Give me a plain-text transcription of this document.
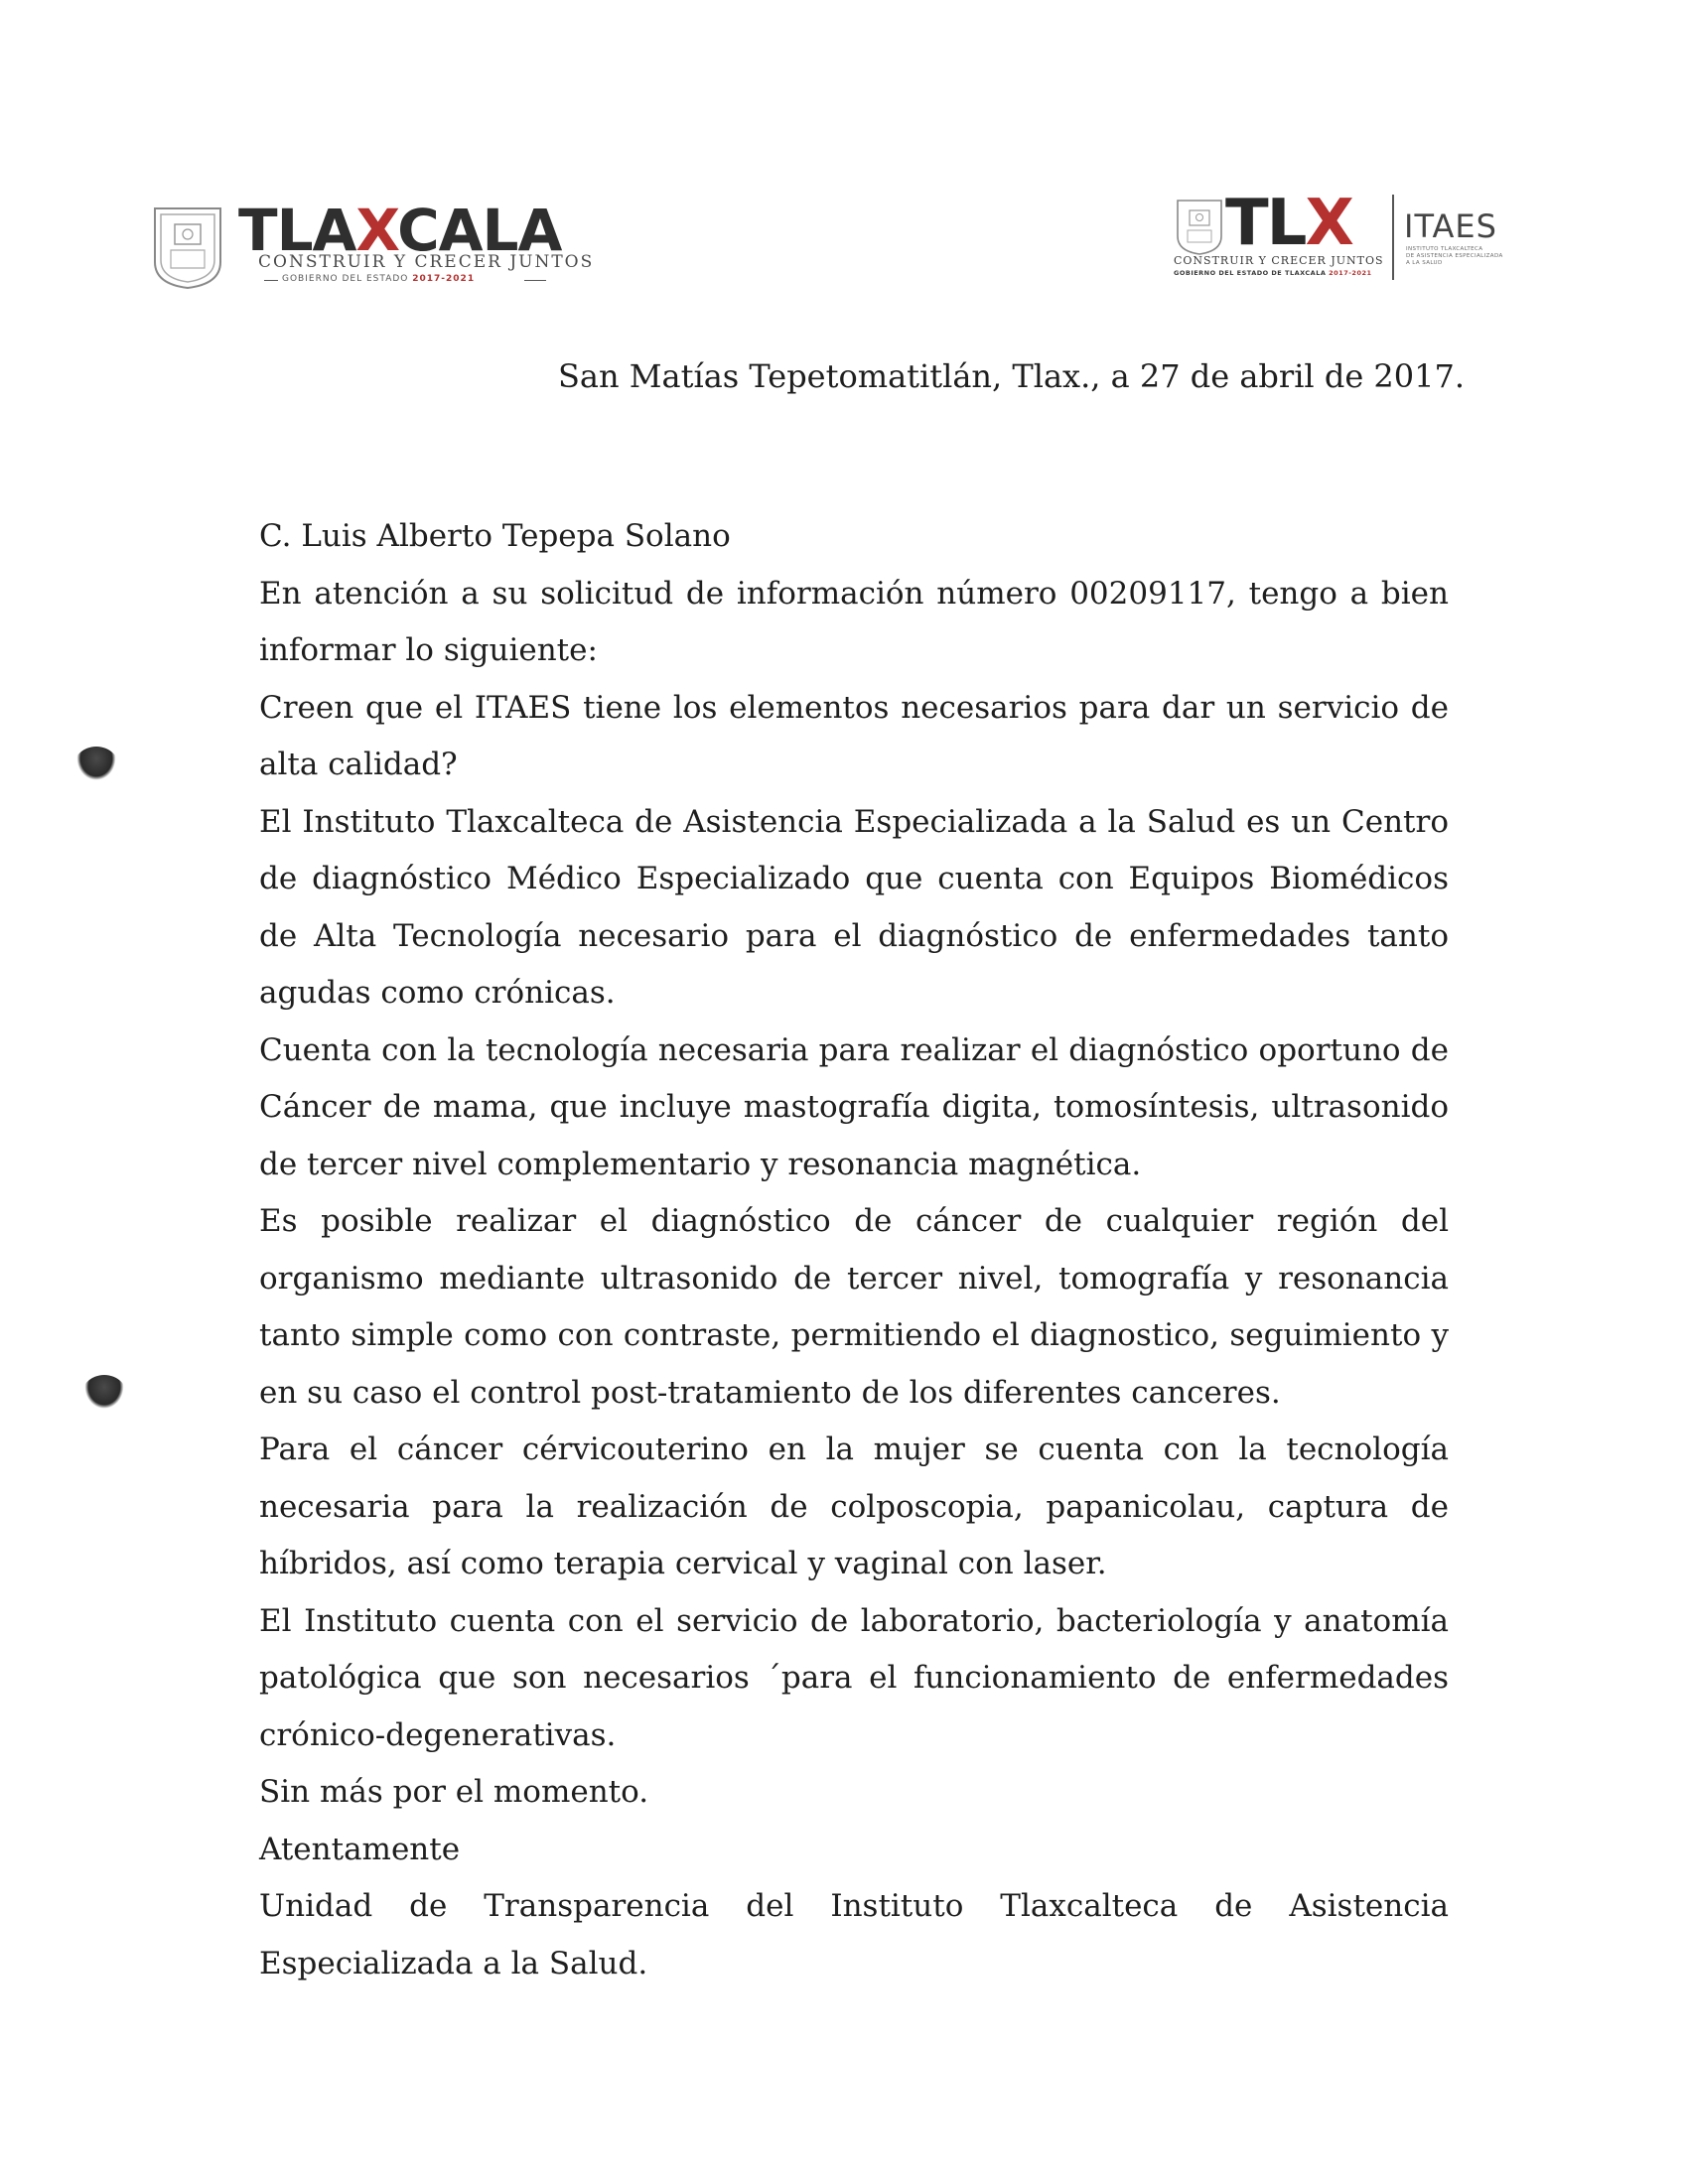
TLAXCALA
CONSTRUIR Y CRECER JUNTOS
GOBIERNO DEL ESTADO 2017-2021
TLX
CONSTRUIR Y CRECER JUNTOS
GOBIERNO DEL ESTADO DE TLAXCALA 2017-2021
ITAES
INSTITUTO TLAXCALTECA
DE ASISTENCIA ESPECIALIZADA
A LA SALUD
San Matías Tepetomatitlán, Tlax., a 27 de abril de 2017.

C. Luis Alberto Tepepa Solano

En atención a su solicitud de información número 00209117, tengo a bien informar lo siguiente:

Creen que el ITAES tiene los elementos necesarios para dar un servicio de alta calidad?

El Instituto Tlaxcalteca de Asistencia Especializada a la Salud es un Centro de diagnóstico Médico Especializado que cuenta con Equipos Biomédicos de Alta Tecnología necesario para el diagnóstico de enfermedades tanto agudas como crónicas.

Cuenta con la tecnología necesaria para realizar el diagnóstico oportuno de Cáncer de mama, que incluye mastografía digita, tomosíntesis, ultrasonido de tercer nivel complementario y resonancia magnética.

Es posible realizar el diagnóstico de cáncer de cualquier región del organismo mediante ultrasonido de tercer nivel, tomografía y resonancia tanto simple como con contraste, permitiendo el diagnostico, seguimiento y en su caso el control post-tratamiento de los diferentes canceres.

Para el cáncer cérvicouterino en la mujer se cuenta con la tecnología necesaria para la realización de colposcopia, papanicolau, captura de híbridos, así como terapia cervical y vaginal con laser.

El Instituto cuenta con el servicio de laboratorio, bacteriología y anatomía patológica que son necesarios ´para el funcionamiento de enfermedades crónico-degenerativas.

Sin más por el momento.

Atentamente

Unidad de Transparencia del Instituto Tlaxcalteca de Asistencia Especializada a la Salud.
